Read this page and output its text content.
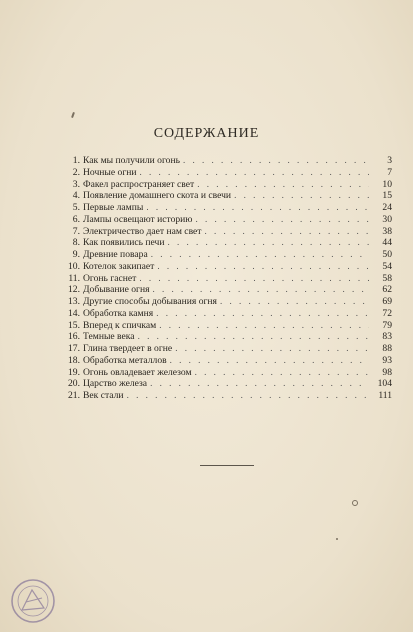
СОДЕРЖАНИЕ
1. Как мы получили огонь . . .	3
2. Ночные огни . . .	7
3. Факел распространяет свет . . .	10
4. Появление домашнего скота и свечи . . .	15
5. Первые лампы . . .	24
6. Лампы освещают историю . . .	30
7. Электричество дает нам свет . . .	38
8. Как появились печи . . .	44
9. Древние повара . . .	50
10. Котелок закипает . . .	54
11. Огонь гаснет . . .	58
12. Добывание огня . . .	62
13. Другие способы добывания огня . . .	69
14. Обработка камня . . .	72
15. Вперед к спичкам . . .	79
16. Темные века . . .	83
17. Глина твердеет в огне . . .	88
18. Обработка металлов . . .	93
19. Огонь овладевает железом . . .	98
20. Царство железа . . .	104
21. Век стали . . .	111
